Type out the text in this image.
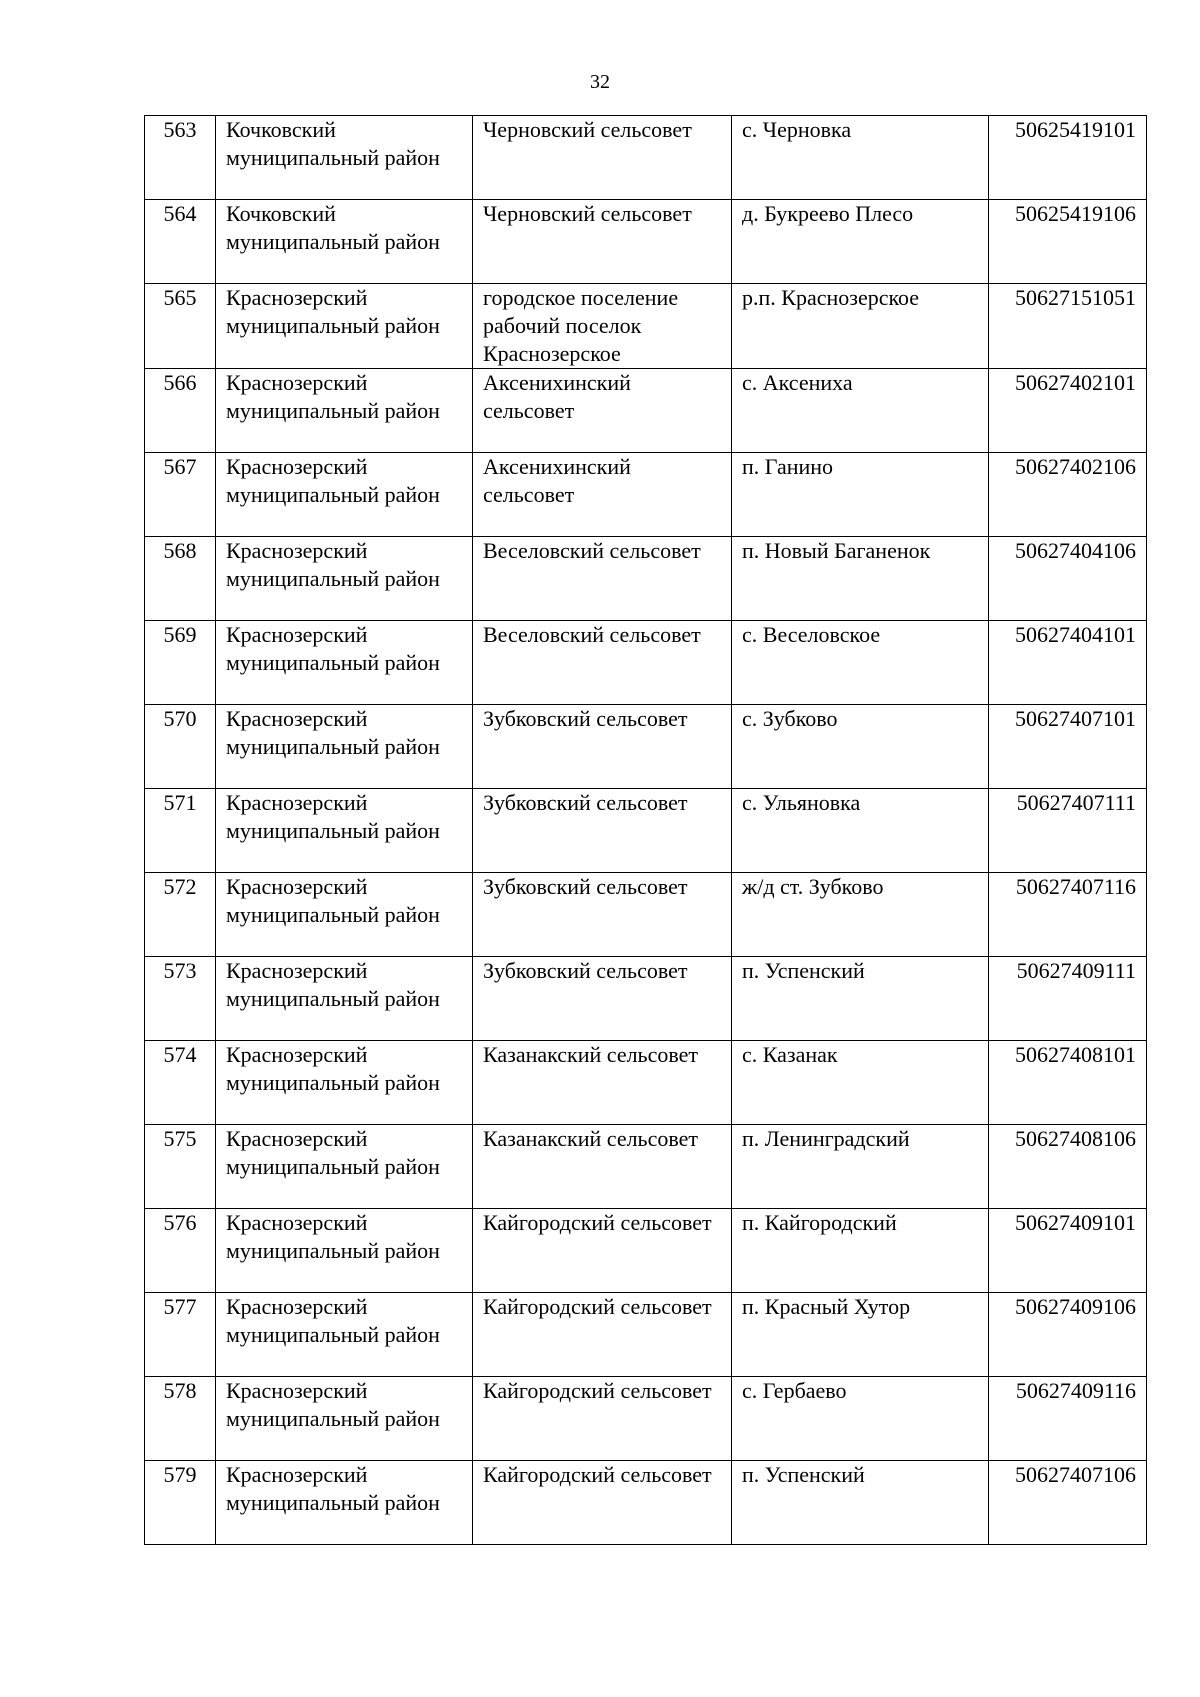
32
563	Кочковский муниципальный район	Черновский сельсовет	с. Черновка	50625419101
564	Кочковский муниципальный район	Черновский сельсовет	д. Букреево Плесо	50625419106
565	Краснозерский муниципальный район	городское поселение рабочий поселок Краснозерское	р.п. Краснозерское	50627151051
566	Краснозерский муниципальный район	Аксенихинский сельсовет	с. Аксениха	50627402101
567	Краснозерский муниципальный район	Аксенихинский сельсовет	п. Ганино	50627402106
568	Краснозерский муниципальный район	Веселовский сельсовет	п. Новый Баганенок	50627404106
569	Краснозерский муниципальный район	Веселовский сельсовет	с. Веселовское	50627404101
570	Краснозерский муниципальный район	Зубковский сельсовет	с. Зубково	50627407101
571	Краснозерский муниципальный район	Зубковский сельсовет	с. Ульяновка	50627407111
572	Краснозерский муниципальный район	Зубковский сельсовет	ж/д ст. Зубково	50627407116
573	Краснозерский муниципальный район	Зубковский сельсовет	п. Успенский	50627409111
574	Краснозерский муниципальный район	Казанакский сельсовет	с. Казанак	50627408101
575	Краснозерский муниципальный район	Казанакский сельсовет	п. Ленинградский	50627408106
576	Краснозерский муниципальный район	Кайгородский сельсовет	п. Кайгородский	50627409101
577	Краснозерский муниципальный район	Кайгородский сельсовет	п. Красный Хутор	50627409106
578	Краснозерский муниципальный район	Кайгородский сельсовет	с. Гербаево	50627409116
579	Краснозерский муниципальный район	Кайгородский сельсовет	п. Успенский	50627407106
